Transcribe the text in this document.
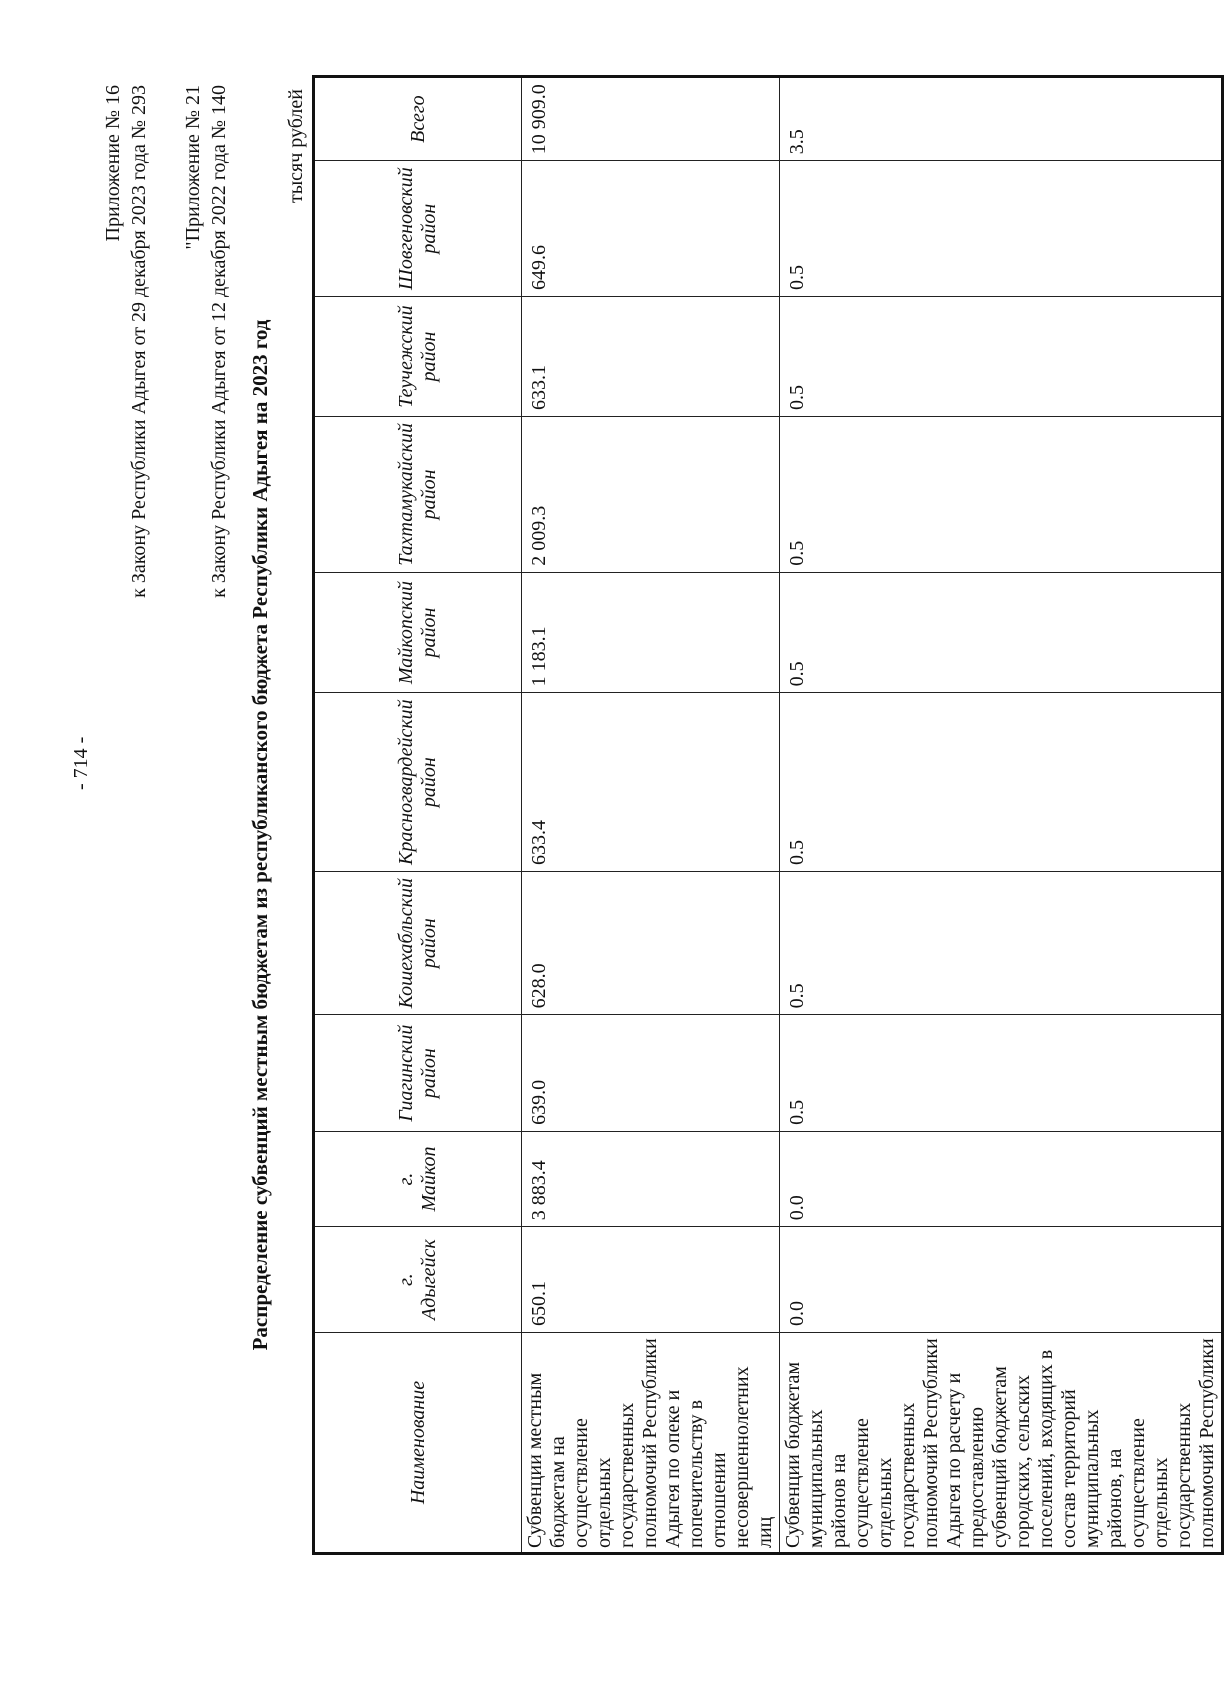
- 714 -
Приложение № 16 к Закону Республики Адыгея от 29 декабря 2023 года № 293 "Приложение № 21 к Закону Республики Адыгея от 12 декабря 2022 года № 140 Распределение субвенций местным бюджетам из республиканского бюджета Республики Адыгея на 2023 год
тысяч рублей
Наименование	г. Адыгейск	г. Майкоп	Гиагинский район	Кошехабльский район	Красногвардейский район	Майкопский район	Тахтамукайский район	Теучежский район	Шовгеновский район	Всего
Субвенции местным бюджетам на осуществление отдельных государственных полномочий Республики Адыгея по опеке и попечительству в отношении несовершеннолетних лиц	650.1	3 883.4	639.0	628.0	633.4	1 183.1	2 009.3	633.1	649.6	10 909.0
Субвенции бюджетам муниципальных районов на осуществление отдельных государственных полномочий Республики Адыгея по расчету и предоставлению субвенций бюджетам городских, сельских поселений, входящих в состав территорий муниципальных районов, на осуществление отдельных государственных полномочий Республики	0.0	0.0	0.5	0.5	0.5	0.5	0.5	0.5	0.5	3.5
